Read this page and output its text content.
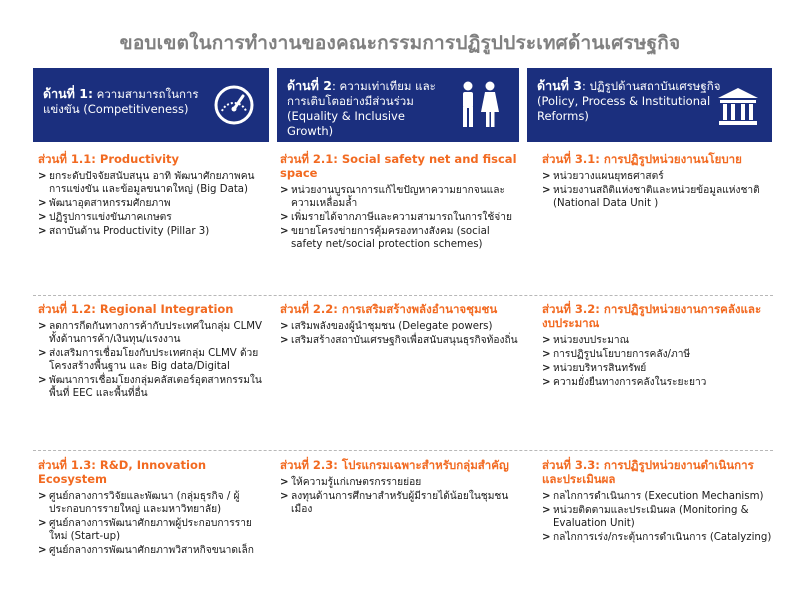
ขอบเขตในการทำงานของคณะกรรมการปฏิรูปประเทศด้านเศรษฐกิจ
ด้านที่ 1: ความสามารถในการแข่งขัน (Competitiveness)
ด้านที่ 2: ความเท่าเทียม และการเติบโตอย่างมีส่วนร่วม (Equality & Inclusive Growth)
ด้านที่ 3: ปฏิรูปด้านสถาบันเศรษฐกิจ (Policy, Process & Institutional Reforms)
ส่วนที่ 1.1: Productivity
> ยกระดับปัจจัยสนับสนุน อาทิ พัฒนาศักยภาพคน การแข่งขัน และข้อมูลขนาดใหญ่ (Big Data)
> พัฒนาอุตสาหกรรมศักยภาพ
> ปฏิรูปการแข่งขันภาคเกษตร
> สถาบันด้าน Productivity (Pillar 3)
ส่วนที่ 2.1: Social safety net and fiscal space
> หน่วยงานบูรณาการแก้ไขปัญหาความยากจนและความเหลื่อมล้ำ
> เพิ่มรายได้จากภาษีและความสามารถในการใช้จ่าย
> ขยายโครงข่ายการคุ้มครองทางสังคม (social safety net/social protection schemes)
ส่วนที่ 3.1: การปฏิรูปหน่วยงานนโยบาย
> หน่วยวางแผนยุทธศาสตร์
> หน่วยงานสถิติแห่งชาติและหน่วยข้อมูลแห่งชาติ (National Data Unit )
ส่วนที่ 1.2: Regional Integration
> ลดการกีดกันทางการค้ากับประเทศในกลุ่ม CLMV ทั้งด้านการค้า/เงินทุน/แรงงาน
> ส่งเสริมการเชื่อมโยงกับประเทศกลุ่ม CLMV ด้วยโครงสร้างพื้นฐาน และ Big data/Digital
> พัฒนาการเชื่อมโยงกลุ่มคลัสเตอร์อุตสาหกรรมในพื้นที่ EEC และพื้นที่อื่น
ส่วนที่ 2.2: การเสริมสร้างพลังอำนาจชุมชน
> เสริมพลังของผู้นำชุมชน (Delegate powers)
> เสริมสร้างสถาบันเศรษฐกิจเพื่อสนับสนุนธุรกิจท้องถิ่น
ส่วนที่ 3.2: การปฏิรูปหน่วยงานการคลังและงบประมาณ
> หน่วยงบประมาณ
> การปฏิรูปนโยบายการคลัง/ภาษี
> หน่วยบริหารสินทรัพย์
> ความยั่งยืนทางการคลังในระยะยาว
ส่วนที่ 1.3: R&D, Innovation Ecosystem
> ศูนย์กลางการวิจัยและพัฒนา (กลุ่มธุรกิจ / ผู้ประกอบการรายใหญ่ และมหาวิทยาลัย)
> ศูนย์กลางการพัฒนาศักยภาพผู้ประกอบการรายใหม่ (Start-up)
> ศูนย์กลางการพัฒนาศักยภาพวิสาหกิจขนาดเล็ก
ส่วนที่ 2.3: โปรแกรมเฉพาะสำหรับกลุ่มสำคัญ
> ให้ความรู้แก่เกษตรกรรายย่อย
> ลงทุนด้านการศึกษาสำหรับผู้มีรายได้น้อยในชุมชนเมือง
ส่วนที่ 3.3: การปฏิรูปหน่วยงานดำเนินการและประเมินผล
> กลไกการดำเนินการ (Execution Mechanism)
> หน่วยติดตามและประเมินผล (Monitoring & Evaluation Unit)
> กลไกการเร่ง/กระตุ้นการดำเนินการ (Catalyzing)
